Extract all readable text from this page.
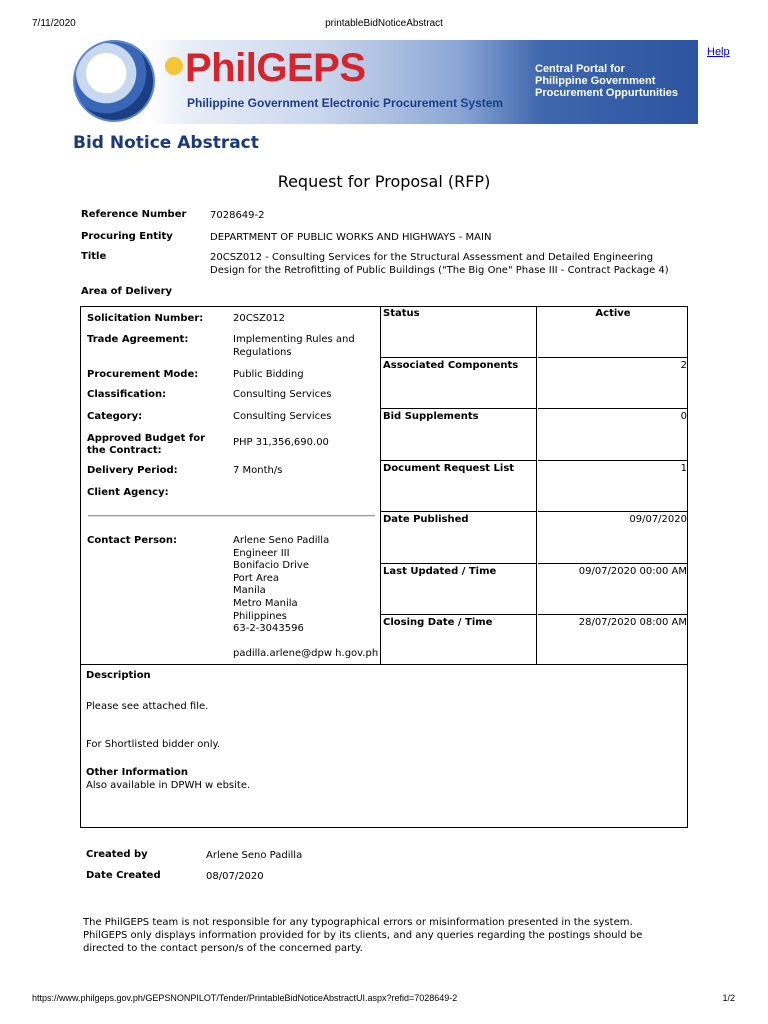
7/11/2020	printableBidNoticeAbstract
PhilGEPS
Philippine Government Electronic Procurement System
Central Portal for
Philippine Government
Procurement Oppurtunities
Help
Bid Notice Abstract
Request for Proposal (RFP)
Reference Number 7028649-2
Procuring Entity	DEPARTMENT OF PUBLIC WORKS AND HIGHWAYS - MAIN
Title	20CSZ012 - Consulting Services for the Structural Assessment and Detailed Engineering
Design for the Retrofitting of Public Buildings ("The Big One" Phase III - Contract Package 4)
Area of Delivery
Solicitation Number:	20CSZ012
Trade Agreement:	Implementing Rules and
Regulations
Procurement Mode:	Public Bidding
Classification:	Consulting Services
Category:	Consulting Services
Approved Budget for
the Contract:
PHP 31,356,690.00
Delivery Period:	7 Month/s
Client Agency:
Contact Person:	Arlene Seno Padilla
Engineer III
Bonifacio Drive
Port Area
Manila
Metro Manila
Philippines
63-2-3043596
padilla.arlene@dpw h.gov.ph
Status	Active
Associated Components	2
Bid Supplements	0
Document Request List	1
Date Published	09/07/2020
Last Updated / Time	09/07/2020 00:00 AM
Closing Date / Time	28/07/2020 08:00 AM
Description
Please see attached file.
For Shortlisted bidder only.
Other Information
Also available in DPWH w ebsite.
Created by	Arlene Seno Padilla
Date Created	08/07/2020
The PhilGEPS team is not responsible for any typographical errors or misinformation presented in the system.
PhilGEPS only displays information provided for by its clients, and any queries regarding the postings should be
directed to the contact person/s of the concerned party.
https://www.philgeps.gov.ph/GEPSNONPILOT/Tender/PrintableBidNoticeAbstractUI.aspx?refid=7028649-2	1/2
